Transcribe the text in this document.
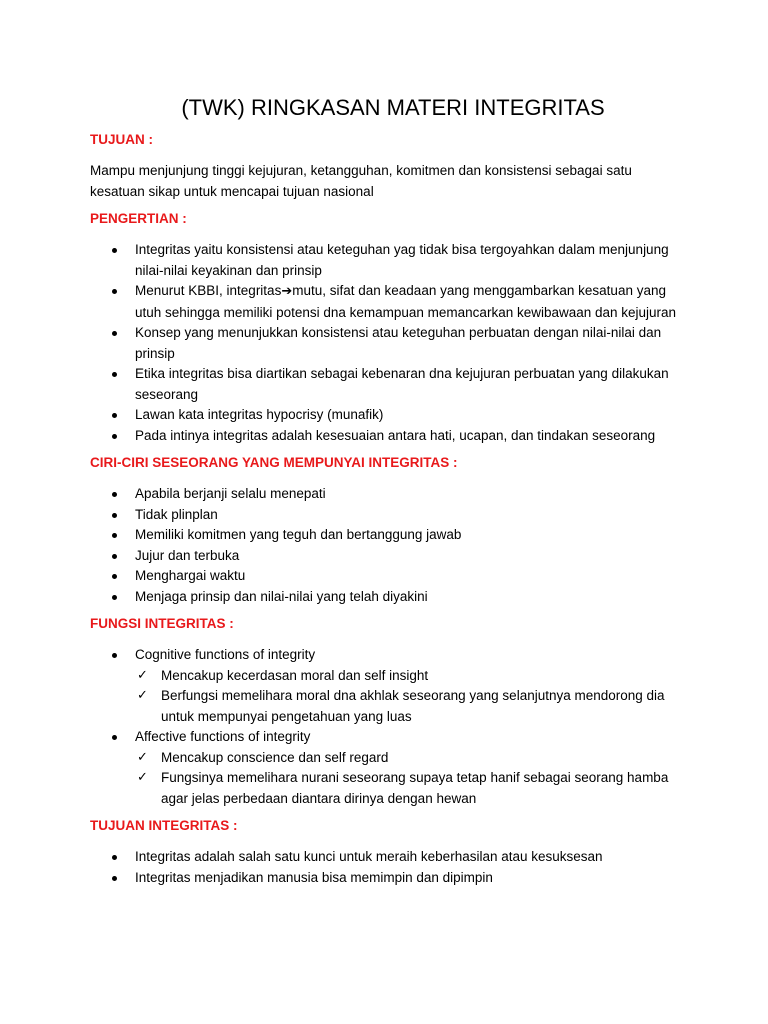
(TWK) RINGKASAN MATERI INTEGRITAS
TUJUAN :

Mampu menjunjung tinggi kejujuran, ketangguhan, komitmen dan konsistensi sebagai satu kesatuan sikap untuk mencapai tujuan nasional

PENGERTIAN :
Integritas yaitu konsistensi atau keteguhan yag tidak bisa tergoyahkan dalam menjunjung nilai-nilai keyakinan dan prinsip
Menurut KBBI, integritas➔mutu, sifat dan keadaan yang menggambarkan kesatuan yang utuh sehingga memiliki potensi dna kemampuan memancarkan kewibawaan dan kejujuran
Konsep yang menunjukkan konsistensi atau keteguhan perbuatan dengan nilai-nilai dan prinsip
Etika integritas bisa diartikan sebagai kebenaran dna kejujuran perbuatan yang dilakukan seseorang
Lawan kata integritas hypocrisy (munafik)
Pada intinya integritas adalah kesesuaian antara hati, ucapan, dan tindakan seseorang
CIRI-CIRI SESEORANG YANG MEMPUNYAI INTEGRITAS :
Apabila berjanji selalu menepati
Tidak plinplan
Memiliki komitmen yang teguh dan bertanggung jawab
Jujur dan terbuka
Menghargai waktu
Menjaga prinsip dan nilai-nilai yang telah diyakini
FUNGSI INTEGRITAS :
Cognitive functions of integrity
✓ Mencakup kecerdasan moral dan self insight
✓ Berfungsi memelihara moral dna akhlak seseorang yang selanjutnya mendorong dia untuk mempunyai pengetahuan yang luas
Affective functions of integrity
✓ Mencakup conscience dan self regard
✓ Fungsinya memelihara nurani seseorang supaya tetap hanif sebagai seorang hamba agar jelas perbedaan diantara dirinya dengan hewan
TUJUAN INTEGRITAS :
Integritas adalah salah satu kunci untuk meraih keberhasilan atau kesuksesan
Integritas menjadikan manusia bisa memimpin dan dipimpin
